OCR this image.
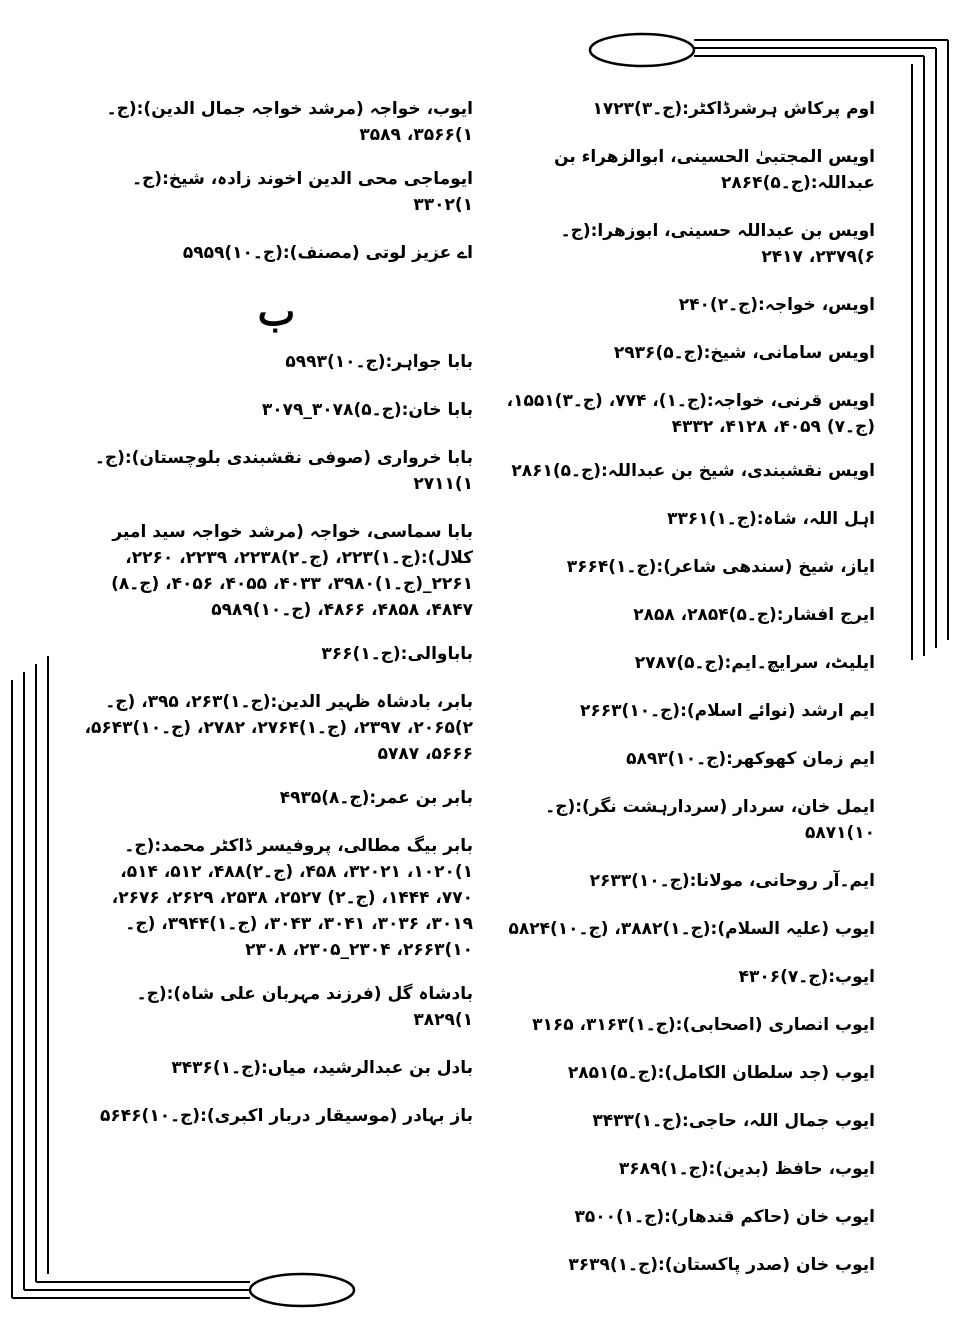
اوم پرکاش ہرشرڈاکٹر:(ج۔۳)۱۷۲۳
اویس المجتبیٰ الحسینی، ابوالزھراء بن عبداللہ:(ج۔۵)۲۸۶۴
اویس بن عبداللہ حسینی، ابوزھرا:(ج۔۶)۲۳۷۹، ۲۴۱۷
اویس، خواجہ:(ج۔۲)۲۴۰
اویس سامانی، شیخ:(ج۔۵)۲۹۳۶
اویس قرنی، خواجہ:(ج۔۱)، ۷۷۴، (ج۔۳)۱۵۵۱، (ج۔۷) ۴۰۵۹، ۴۱۲۸، ۴۳۳۲
اویس نقشبندی، شیخ بن عبداللہ:(ج۔۵)۲۸۶۱
اہل اللہ، شاہ:(ج۔۱)۳۳۶۱
ایاز، شیخ (سندھی شاعر):(ج۔۱)۳۶۶۴
ایرج افشار:(ج۔۵)۲۸۵۴، ۲۸۵۸
ایلیٹ، سرایچ۔ایم:(ج۔۵)۲۷۸۷
ایم ارشد (نوائے اسلام):(ج۔۱۰)۲۶۶۳
ایم زمان کھوکھر:(ج۔۱۰)۵۸۹۳
ایمل خان، سردار (سردارہشت نگر):(ج۔۱۰)۵۸۷۱
ایم۔آر روحانی، مولانا:(ج۔۱۰)۲۶۳۳
ایوب (علیہ السلام):(ج۔۱)۳۸۸۲، (ج۔۱۰)۵۸۲۴
ایوب:(ج۔۷)۴۳۰۶
ایوب انصاری (اصحابی):(ج۔۱)۳۱۶۳، ۳۱۶۵
ایوب (جد سلطان الکامل):(ج۔۵)۲۸۵۱
ایوب جمال اللہ، حاجی:(ج۔۱)۳۴۳۳
ایوب، حافظ (بدین):(ج۔۱)۳۶۸۹
ایوب خان (حاکم قندھار):(ج۔۱)۳۵۰۰
ایوب خان (صدر پاکستان):(ج۔۱)۳۶۳۹
ایوب، خواجہ (مرشد خواجہ جمال الدین):(ج۔۱)۳۵۶۶، ۳۵۸۹
ایوماجی محی الدین اخوند زادہ، شیخ:(ج۔۱)۳۳۰۲
اے عزیز لوتی (مصنف):(ج۔۱۰)۵۹۵۹
ب
بابا جواہر:(ج۔۱۰)۵۹۹۳
بابا خان:(ج۔۵)۳۰۷۸_۳۰۷۹
بابا خرواری (صوفی نقشبندی بلوچستان):(ج۔۱)۲۷۱۱
بابا سماسی، خواجہ (مرشد خواجہ سید امیر کلال):(ج۔۱)۲۲۳، (ج۔۲)۲۲۳۸، ۲۲۳۹، ۲۲۶۰، ۲۲۶۱_(ج۔۱)۳۹۸۰، ۴۰۳۳، ۴۰۵۵، ۴۰۵۶، (ج۔۸) ۴۸۴۷، ۴۸۵۸، ۴۸۶۶، (ج۔۱۰)۵۹۸۹
باباوالی:(ج۔۱)۳۶۶
بابر، بادشاہ ظہیر الدین:(ج۔۱)۲۶۳، ۳۹۵، (ج۔۲)۲۰۶۵، ۲۳۹۷، (ج۔۱)۲۷۶۴، ۲۷۸۲، (ج۔۱۰)۵۶۴۳، ۵۶۶۶، ۵۷۸۷
بابر بن عمر:(ج۔۸)۴۹۳۵
بابر بیگ مطالی، پروفیسر ڈاکٹر محمد:(ج۔۱)۱۰۲۰، ۳۲۰۲۱، ۴۵۸، (ج۔۲)۴۸۸، ۵۱۲، ۵۱۴، ۷۷۰، ۱۴۴۴، (ج۔۲) ۲۵۲۷، ۲۵۳۸، ۲۶۲۹، ۲۶۷۶، ۳۰۱۹، ۳۰۳۶، ۳۰۴۱، ۳۰۴۳، (ج۔۱)۳۹۴۴، (ج۔۱۰)۲۶۶۳، ۲۳۰۴_۲۳۰۵، ۲۳۰۸
بادشاہ گل (فرزند مہربان علی شاہ):(ج۔۱)۳۸۲۹
بادل بن عبدالرشید، میاں:(ج۔۱)۳۴۳۶
باز بہادر (موسیقار دربار اکبری):(ج۔۱۰)۵۶۴۶
